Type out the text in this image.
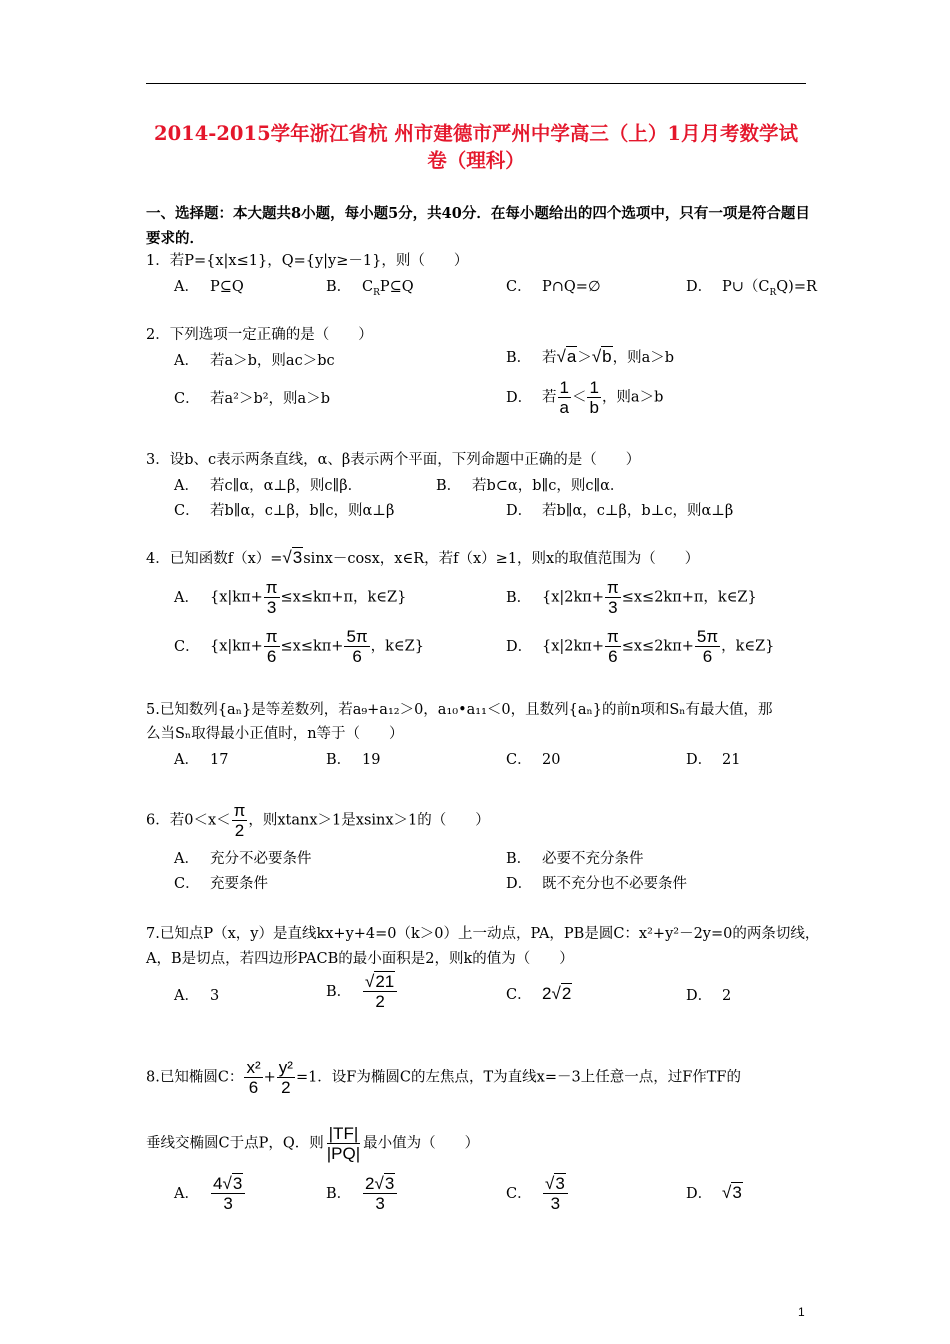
2014-2015学年浙江省杭 州市建德市严州中学高三（上）1月月考数学试卷（理科）
一、选择题：本大题共8小题，每小题5分，共40分．在每小题给出的四个选项中，只有一项是符合题目要求的．
1．若P={x|x≤1}，Q={y|y≥－1}，则（　　）
A． P⊆Q	B． $C_RP⊆Q$	C． P∩Q=∅	D． $P\cup(C_RQ)=R$
2．下列选项一定正确的是（　　）
A． 若a＞b，则ac＞bc	B． 若√a＞√b，则a＞b
C． 若a²＞b²，则a＞b	D． 若 $\frac{1}{a} < \frac{1}{b}$ ，则a＞b
3．设b、c表示两条直线，α、β表示两个平面，下列命题中正确的是（　　）
A． 若c∥α，α⊥β，则c∥β．	B． 若b⊂α，b∥c，则c∥α．
C． 若b∥α，c⊥β，b∥c，则α⊥β	D． 若b∥α，c⊥β，b⊥c，则α⊥β
4．已知函数f（x）=√3sinx－cosx，x∈R，若f（x）≥1，则x的取值范围为（　　）
A． {$x|k\pi+ \frac{\pi}{3} \le x\le k\pi+\pi$，k∈Z}	B． {$x|2k\pi+ \frac{\pi}{3} \le x\le 2k\pi+\pi$，k∈Z}
C． {$x|k\pi+ \frac{\pi}{6} \le x\le k\pi+ \frac{5\pi}{6}$ ，k∈Z}	D． {$x|2k\pi+ \frac{\pi}{6} \le x\le 2k\pi+ \frac{5\pi}{6}$ ，k∈Z}
5.已知数列{aₙ}是等差数列，若a₉+a₁₂＞0，a₁₀•a₁₁＜0，且数列{aₙ}的前n项和Sₙ有最大值，那
么当Sₙ取得最小正值时，n等于（　　）
A． 17	B． 19	C． 20	D． 21
6．若$0<x< \frac{\pi}{2}$ ，则xtanx＞1是xsinx＞1的（　　）
A． 充分不必要条件	B． 必要不充分条件
C． 充要条件	D． 既不充分也不必要条件
7.已知点P（x，y）是直线kx+y+4=0（k＞0）上一动点，PA，PB是圆C：x²+y²－2y=0的两条切线，
A，B是切点，若四边形PACB的最小面积是2，则k的值为（　　）
A． 3	B． $\frac{√21}{2}$	C． 2√2	D． 2
8.已知椭圆C： $\frac{\text{x²}}{6} + \frac{\text{y²}}{2} =1$．设F为椭圆C的左焦点，T为直线x=－3上任意一点，过F作TF的
垂线交椭圆C于点P，Q．则 $\frac{|TF|}{|PQ|}$ 最小值为（　　）
A． $\frac{4√3}{3}$	B． $\frac{2√3}{3}$	C． $\frac{√3}{3}$	D． √3
1
